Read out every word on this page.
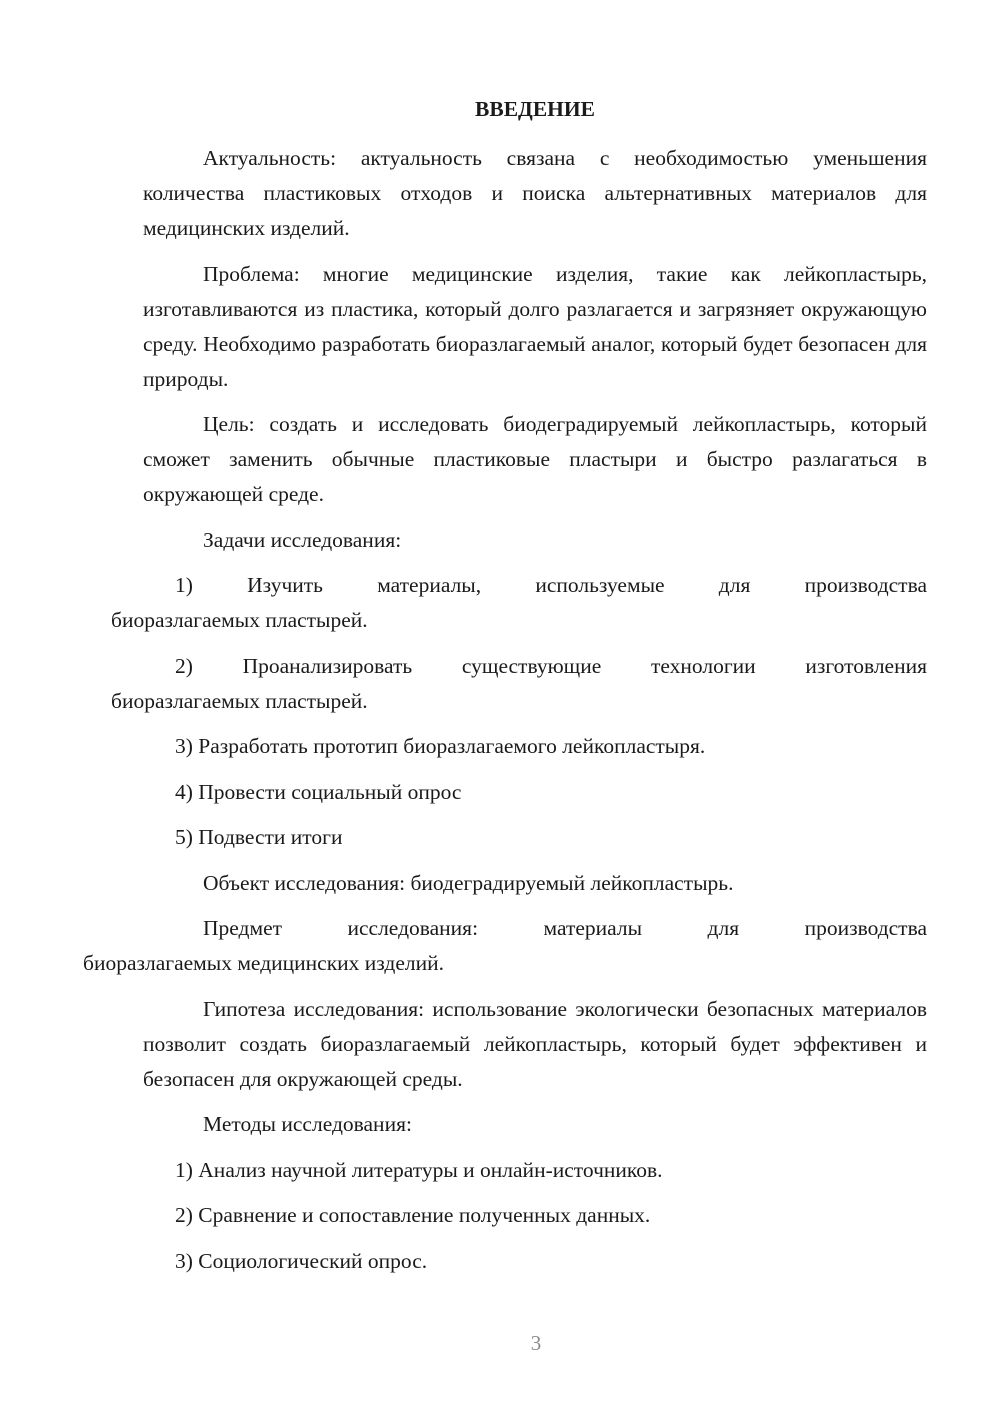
ВВЕДЕНИЕ

Актуальность: актуальность связана с необходимостью уменьшения количества пластиковых отходов и поиска альтернативных материалов для медицинских изделий.

Проблема: многие медицинские изделия, такие как лейкопластырь, изготавливаются из пластика, который долго разлагается и загрязняет окружающую среду. Необходимо разработать биоразлагаемый аналог, который будет безопасен для природы.

Цель: создать и исследовать биодеградируемый лейкопластырь, который сможет заменить обычные пластиковые пластыри и быстро разлагаться в окружающей среде.

Задачи исследования:

1) Изучить материалы, используемые для производства
биоразлагаемых пластырей.
2) Проанализировать существующие технологии изготовления
биоразлагаемых пластырей.

3) Разработать прототип биоразлагаемого лейкопластыря.

4) Провести социальный опрос

5) Подвести итоги

Объект исследования: биодеградируемый лейкопластырь.

Предмет исследования: материалы для производства
биоразлагаемых медицинских изделий.

Гипотеза исследования: использование экологически безопасных материалов позволит создать биоразлагаемый лейкопластырь, который будет эффективен и безопасен для окружающей среды.

Методы исследования:

1) Анализ научной литературы и онлайн-источников.

2) Сравнение и сопоставление полученных данных.

3) Социологический опрос.

3
